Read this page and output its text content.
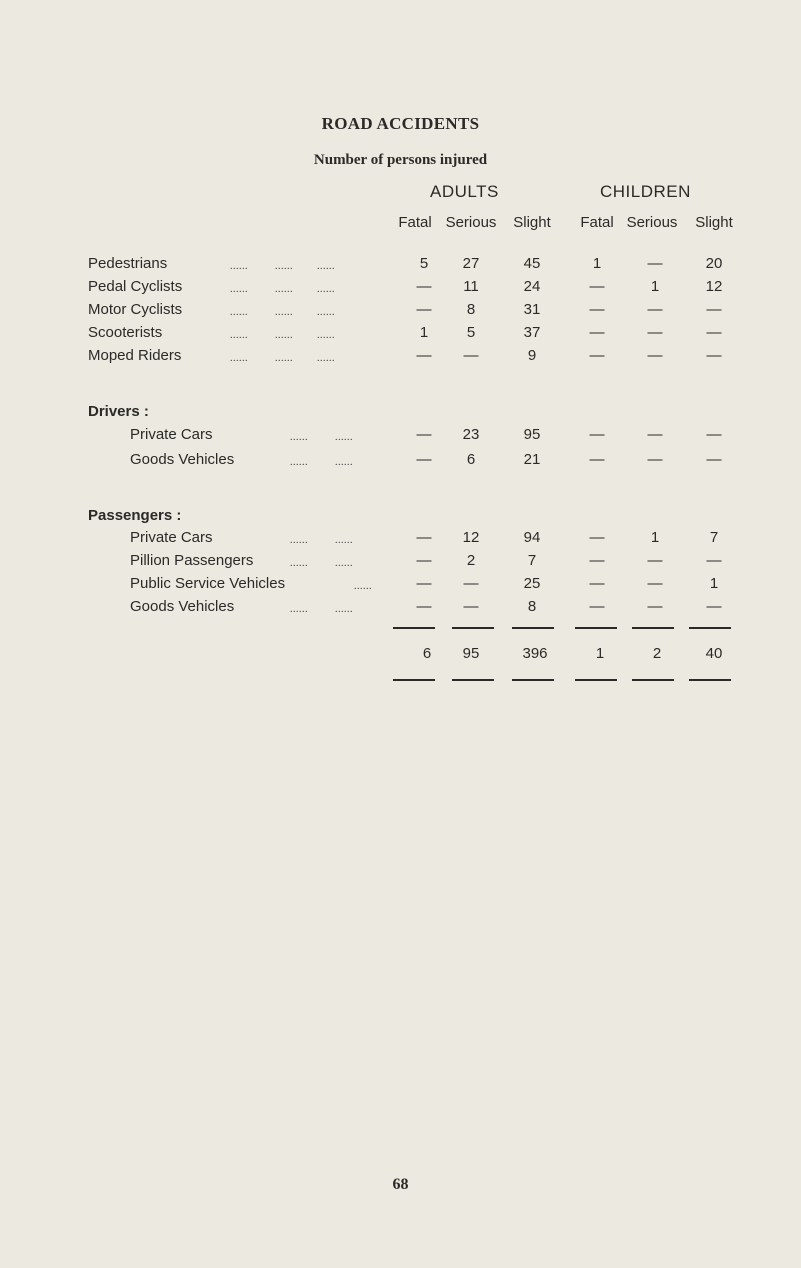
ROAD ACCIDENTS
Number of persons injured
ADULTS	CHILDREN
Fatal Serious	Slight	Fatal Serious	Slight
Pedestrians	......         ......        ......	5	27	45	1	—	20
Pedal Cyclists	......         ......        ......	—	11	24	—	1	12
Motor Cyclists	......         ......        ......	—	8	31	—	—	—
Scooterists	......         ......        ......	1	5	37	—	—	—
Moped Riders	......         ......        ......	—	—	9	—	—	—
Drivers :
Private Cars	......         ......	—	23	95	—	—	—
Goods Vehicles	......         ......	—	6	21	—	—	—
Passengers :
Private Cars	......         ......	—	12	94	—	1	7
Pillion Passengers	......         ......	—	2	7	—	—	—
Public Service Vehicles	......	—	—	25	—	—	1
Goods Vehicles	......         ......	—	—	8	—	—	—
6	95	396	1	2	40
68
